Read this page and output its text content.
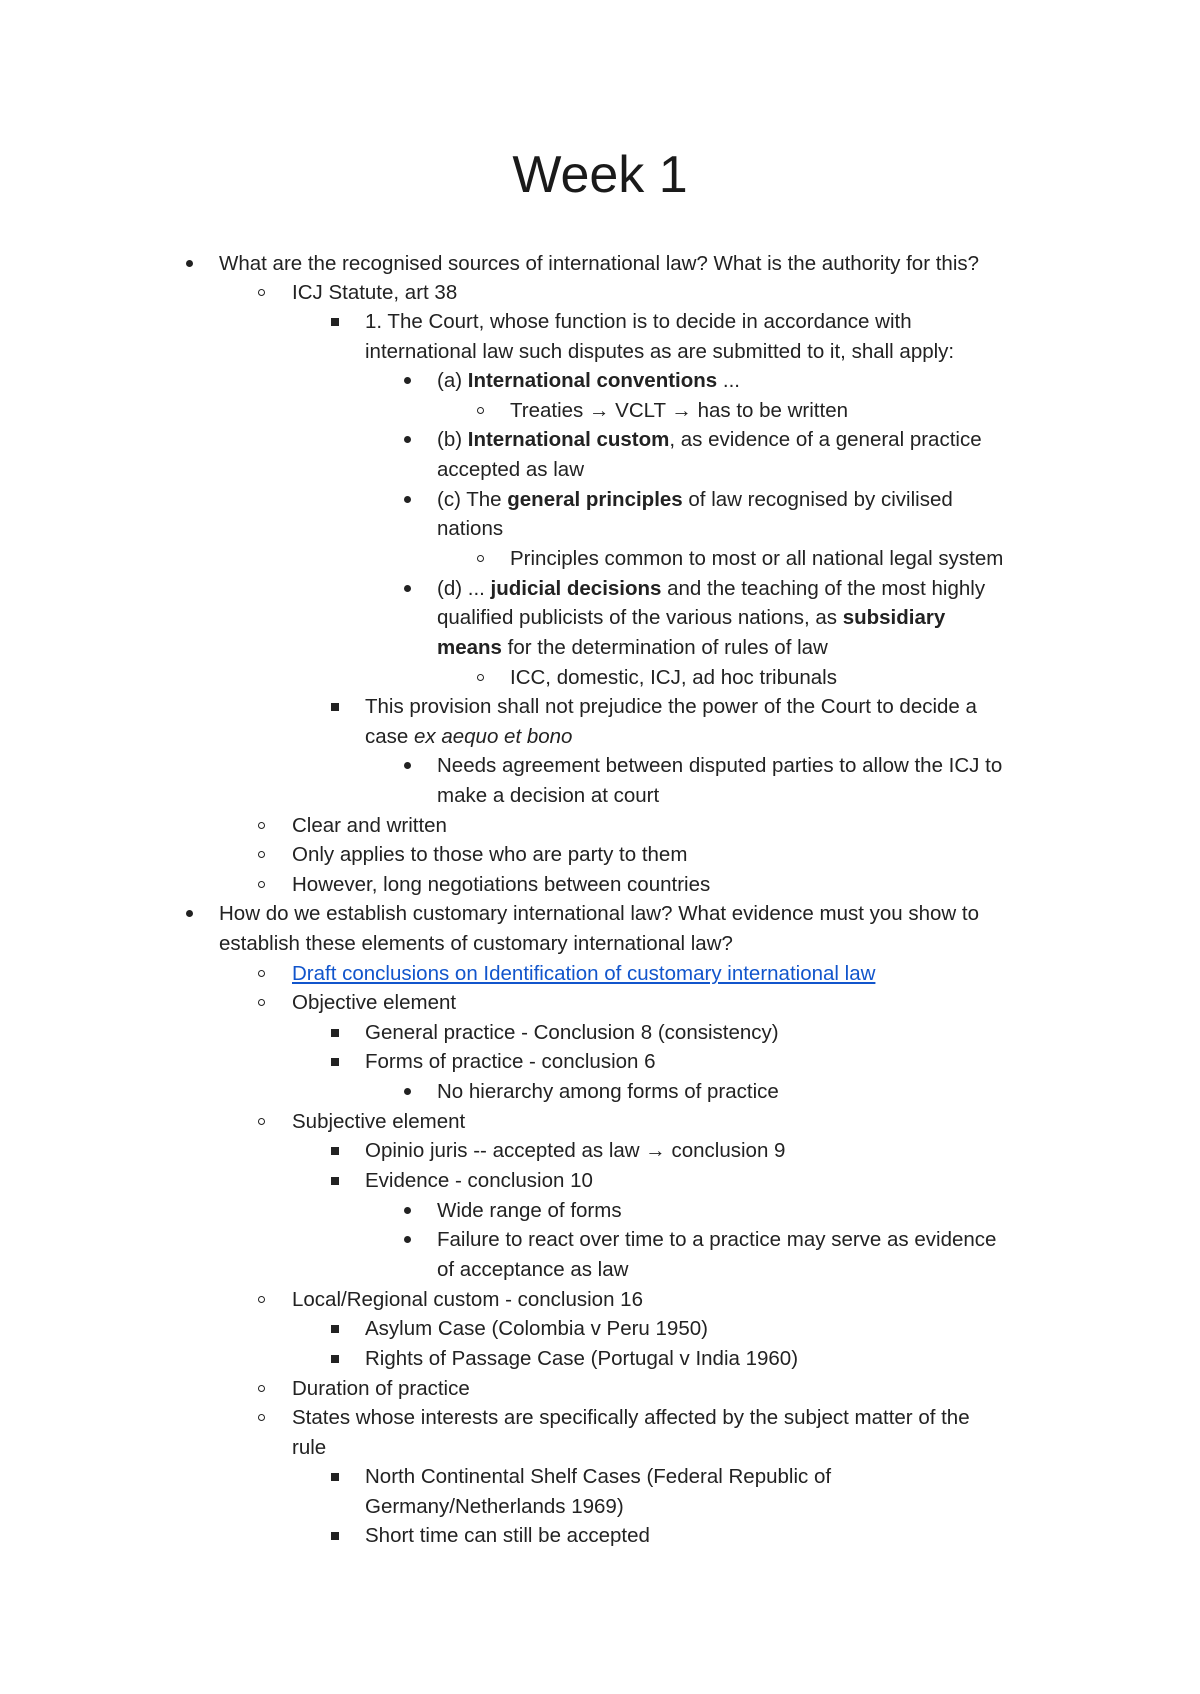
Week 1
What are the recognised sources of international law? What is the authority for this?
ICJ Statute, art 38
1. The Court, whose function is to decide in accordance with
international law such disputes as are submitted to it, shall apply:
(a) International conventions ...
Treaties → VCLT → has to be written
(b) International custom, as evidence of a general practice
accepted as law
(c) The general principles of law recognised by civilised
nations
Principles common to most or all national legal system
(d) ... judicial decisions and the teaching of the most highly
qualified publicists of the various nations, as subsidiary
means for the determination of rules of law
ICC, domestic, ICJ, ad hoc tribunals
This provision shall not prejudice the power of the Court to decide a
case ex aequo et bono
Needs agreement between disputed parties to allow the ICJ to
make a decision at court
Clear and written
Only applies to those who are party to them
However, long negotiations between countries
How do we establish customary international law? What evidence must you show to
establish these elements of customary international law?
Draft conclusions on Identification of customary international law
Objective element
General practice - Conclusion 8 (consistency)
Forms of practice - conclusion 6
No hierarchy among forms of practice
Subjective element
Opinio juris -- accepted as law → conclusion 9
Evidence - conclusion 10
Wide range of forms
Failure to react over time to a practice may serve as evidence
of acceptance as law
Local/Regional custom - conclusion 16
Asylum Case (Colombia v Peru 1950)
Rights of Passage Case (Portugal v India 1960)
Duration of practice
States whose interests are specifically affected by the subject matter of the
rule
North Continental Shelf Cases (Federal Republic of
Germany/Netherlands 1969)
Short time can still be accepted
